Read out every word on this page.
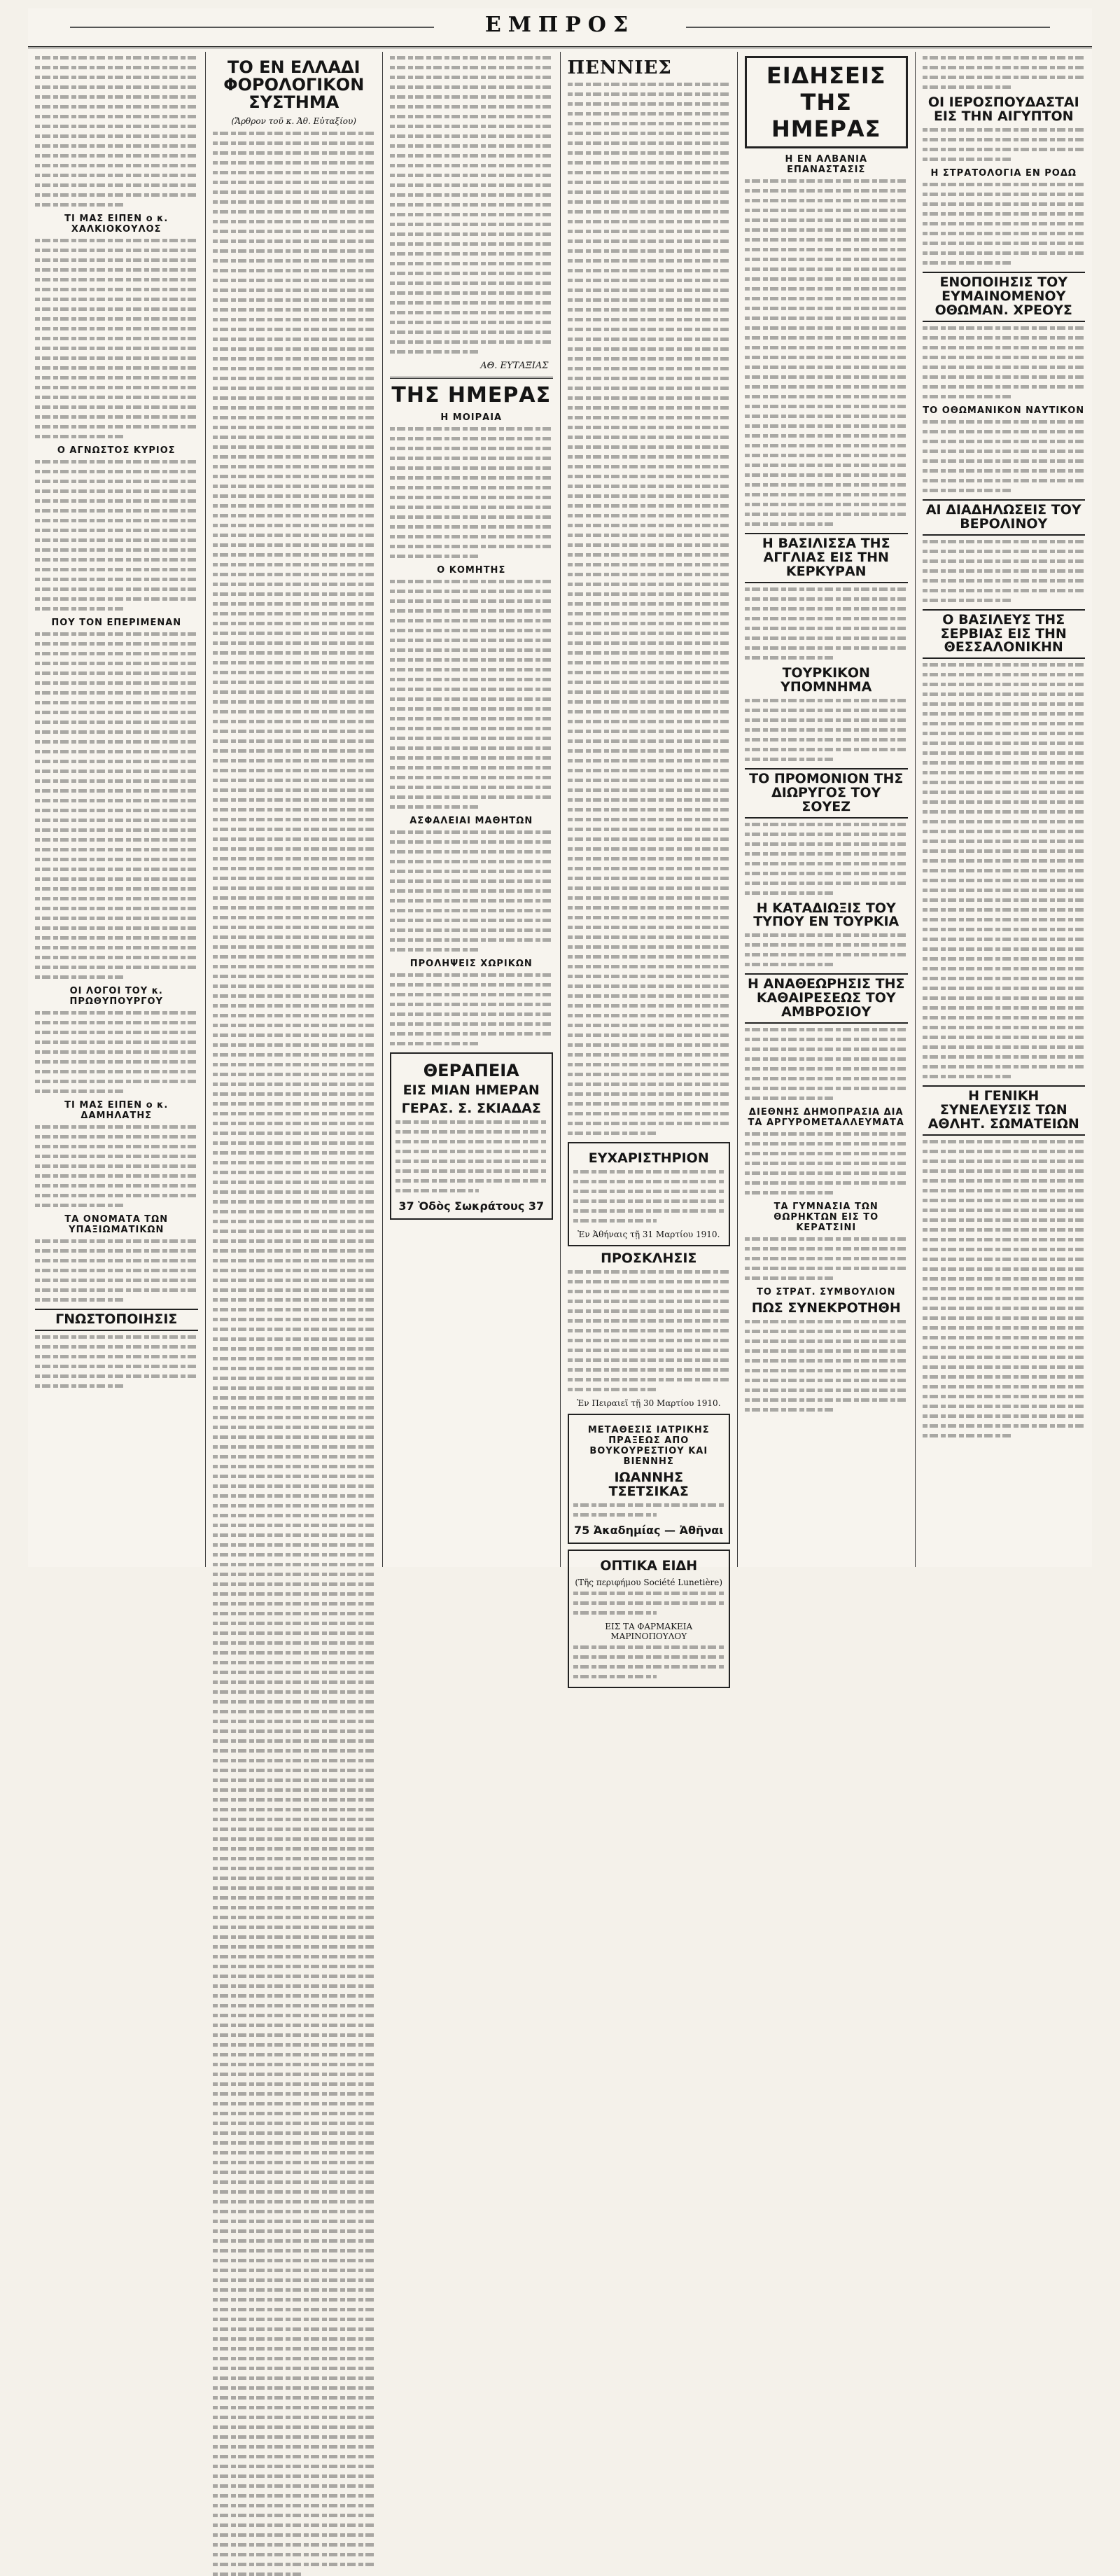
ΕΜΠΡΟΣ
ΤΙ ΜΑΣ ΕΙΠΕΝ ο κ. ΧΑΛΚΙΟΚΟΥΛΟΣ
Ο ΑΓΝΩΣΤΟΣ ΚΥΡΙΟΣ
ΠΟΥ ΤΟΝ ΕΠΕΡΙΜΕΝΑΝ
ΟΙ ΛΟΓΟΙ ΤΟΥ κ. ΠΡΩΘΥΠΟΥΡΓΟΥ
ΤΙ ΜΑΣ ΕΙΠΕΝ ο κ. ΔΑΜΗΛΑΤΗΣ
ΤΑ ΟΝΟΜΑΤΑ ΤΩΝ ΥΠΑΞΙΩΜΑΤΙΚΩΝ
ΓΝΩΣΤΟΠΟΙΗΣΙΣ
ΤΟ ΕΝ ΕΛΛΑΔΙ ΦΟΡΟΛΟΓΙΚΟΝ ΣΥΣΤΗΜΑ
(Ἄρθρον τοῦ κ. Ἀθ. Εὐταξίου)
ΑΘ. ΕΥΤΑΞΙΑΣ
ΤΗΣ ΗΜΕΡΑΣ
Η ΜΟΙΡΑΙΑ
Ο ΚΟΜΗΤΗΣ
ΑΣΦΑΛΕΙΑΙ ΜΑΘΗΤΩΝ
ΠΡΟΛΗΨΕΙΣ ΧΩΡΙΚΩΝ
ΘΕΡΑΠΕΙΑ
ΕΙΣ ΜΙΑΝ ΗΜΕΡΑΝ
ΓΕΡΑΣ. Σ. ΣΚΙΑΔΑΣ
37 Ὁδὸς Σωκράτους 37
ΠΕΝΝΙΕΣ
ΕΥΧΑΡΙΣΤΗΡΙΟΝ
Ἐν Ἀθήναις τῇ 31 Μαρτίου 1910.
ΠΡΟΣΚΛΗΣΙΣ
Ἐν Πειραιεῖ τῇ 30 Μαρτίου 1910.
ΜΕΤΑΘΕΣΙΣ ΙΑΤΡΙΚΗΣ ΠΡΑΞΕΩΣ ΑΠΟ ΒΟΥΚΟΥΡΕΣΤΙΟΥ ΚΑΙ ΒΙΕΝΝΗΣ
ΙΩΑΝΝΗΣ ΤΣΕΤΣΙΚΑΣ
75 Ἀκαδημίας — Ἀθῆναι
ΟΠΤΙΚΑ ΕΙΔΗ
(Τῆς περιφήμου Société Lunetière)
ΕΙΣ ΤΑ ΦΑΡΜΑΚΕΙΑ ΜΑΡΙΝΟΠΟΥΛΟΥ
ΕΙΔΗΣΕΙΣ ΤΗΣ ΗΜΕΡΑΣ
Η ΕΝ ΑΛΒΑΝΙΑ ΕΠΑΝΑΣΤΑΣΙΣ
Η ΒΑΣΙΛΙΣΣΑ ΤΗΣ ΑΓΓΛΙΑΣ ΕΙΣ ΤΗΝ ΚΕΡΚΥΡΑΝ
ΤΟΥΡΚΙΚΟΝ ΥΠΟΜΝΗΜΑ
ΤΟ ΠΡΟΜΟΝΙΟΝ ΤΗΣ ΔΙΩΡΥΓΟΣ ΤΟΥ ΣΟΥΕΖ
Η ΚΑΤΑΔΙΩΞΙΣ ΤΟΥ ΤΥΠΟΥ ΕΝ ΤΟΥΡΚΙΑ
Η ΑΝΑΘΕΩΡΗΣΙΣ ΤΗΣ ΚΑΘΑΙΡΕΣΕΩΣ ΤΟΥ ΑΜΒΡΟΣΙΟΥ
ΔΙΕΘΝΗΣ ΔΗΜΟΠΡΑΣΙΑ ΔΙΑ ΤΑ ΑΡΓΥΡΟΜΕΤΑΛΛΕΥΜΑΤΑ
ΤΑ ΓΥΜΝΑΣΙΑ ΤΩΝ ΘΩΡΗΚΤΩΝ ΕΙΣ ΤΟ ΚΕΡΑΤΣΙΝΙ
ΤΟ ΣΤΡΑΤ. ΣΥΜΒΟΥΛΙΟΝ
ΠΩΣ ΣΥΝΕΚΡΟΤΗΘΗ
ΟΙ ΙΕΡΟΣΠΟΥΔΑΣΤΑΙ ΕΙΣ ΤΗΝ ΑΙΓΥΠΤΟΝ
Η ΣΤΡΑΤΟΛΟΓΙΑ ΕΝ ΡΟΔΩ
ΕΝΟΠΟΙΗΣΙΣ ΤΟΥ ΕΥΜΑΙΝΟΜΕΝΟΥ ΟΘΩΜΑΝ. ΧΡΕΟΥΣ
ΤΟ ΟΘΩΜΑΝΙΚΟΝ ΝΑΥΤΙΚΟΝ
ΑΙ ΔΙΑΔΗΛΩΣΕΙΣ ΤΟΥ ΒΕΡΟΛΙΝΟΥ
Ο ΒΑΣΙΛΕΥΣ ΤΗΣ ΣΕΡΒΙΑΣ ΕΙΣ ΤΗΝ ΘΕΣΣΑΛΟΝΙΚΗΝ
Η ΓΕΝΙΚΗ ΣΥΝΕΛΕΥΣΙΣ ΤΩΝ ΑΘΛΗΤ. ΣΩΜΑΤΕΙΩΝ
